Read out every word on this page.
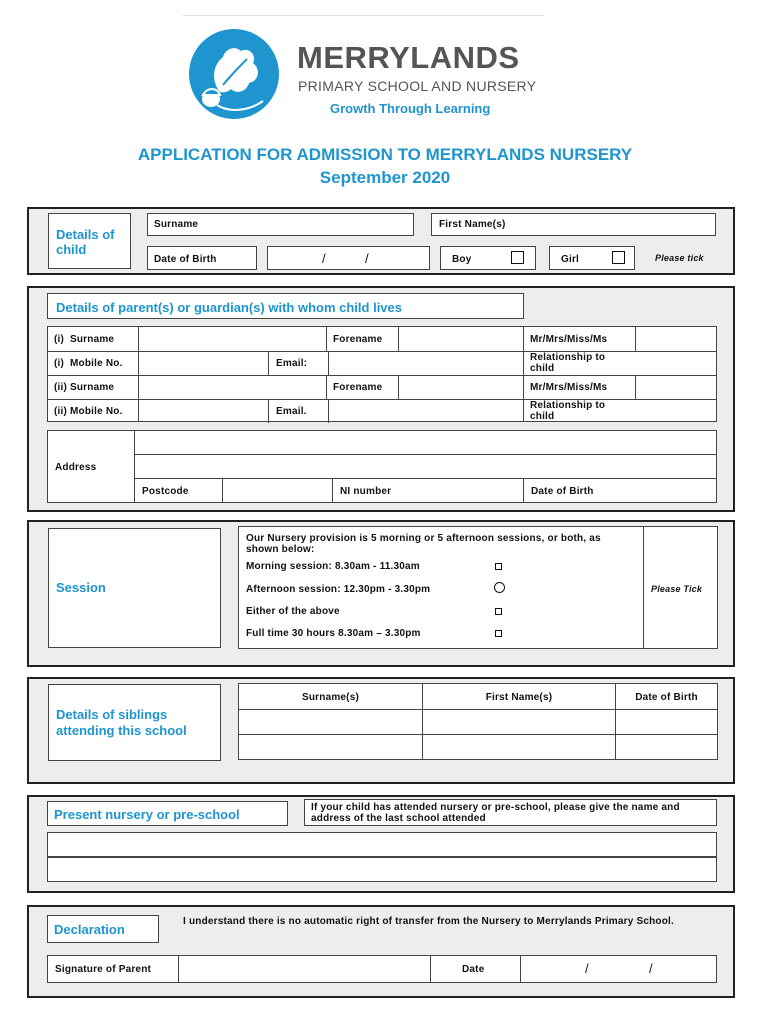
MERRYLANDS
PRIMARY SCHOOL AND NURSERY
Growth Through Learning
APPLICATION FOR ADMISSION TO MERRYLANDS NURSERY
September 2020
Details of child
Surname	First Name(s)
Date of Birth	/	/	Boy	Girl	Please tick
Details of parent(s) or guardian(s) with whom child lives
(i)  Surname	Forename	Mr/Mrs/Miss/Ms
(i)  Mobile No.	Email:
Relationship to child
(ii) Surname	Forename	Mr/Mrs/Miss/Ms
(ii) Mobile No.	Email.
Relationship to child
Address
Postcode	NI number	Date of Birth
Session
Our Nursery provision is 5 morning or 5 afternoon sessions, or both, as shown below:
Morning session: 8.30am - 11.30am
Afternoon session: 12.30pm - 3.30pm
Either of the above
Full time 30 hours 8.30am – 3.30pm
Please Tick
Details of siblings attending this school
Surname(s)	First Name(s)	Date of Birth
Present nursery or pre-school	If your child has attended nursery or pre-school, please give the name and address of the last school attended
Declaration
I understand there is no automatic right of transfer from the Nursery to Merrylands Primary School.
Signature of Parent	Date	/	/
